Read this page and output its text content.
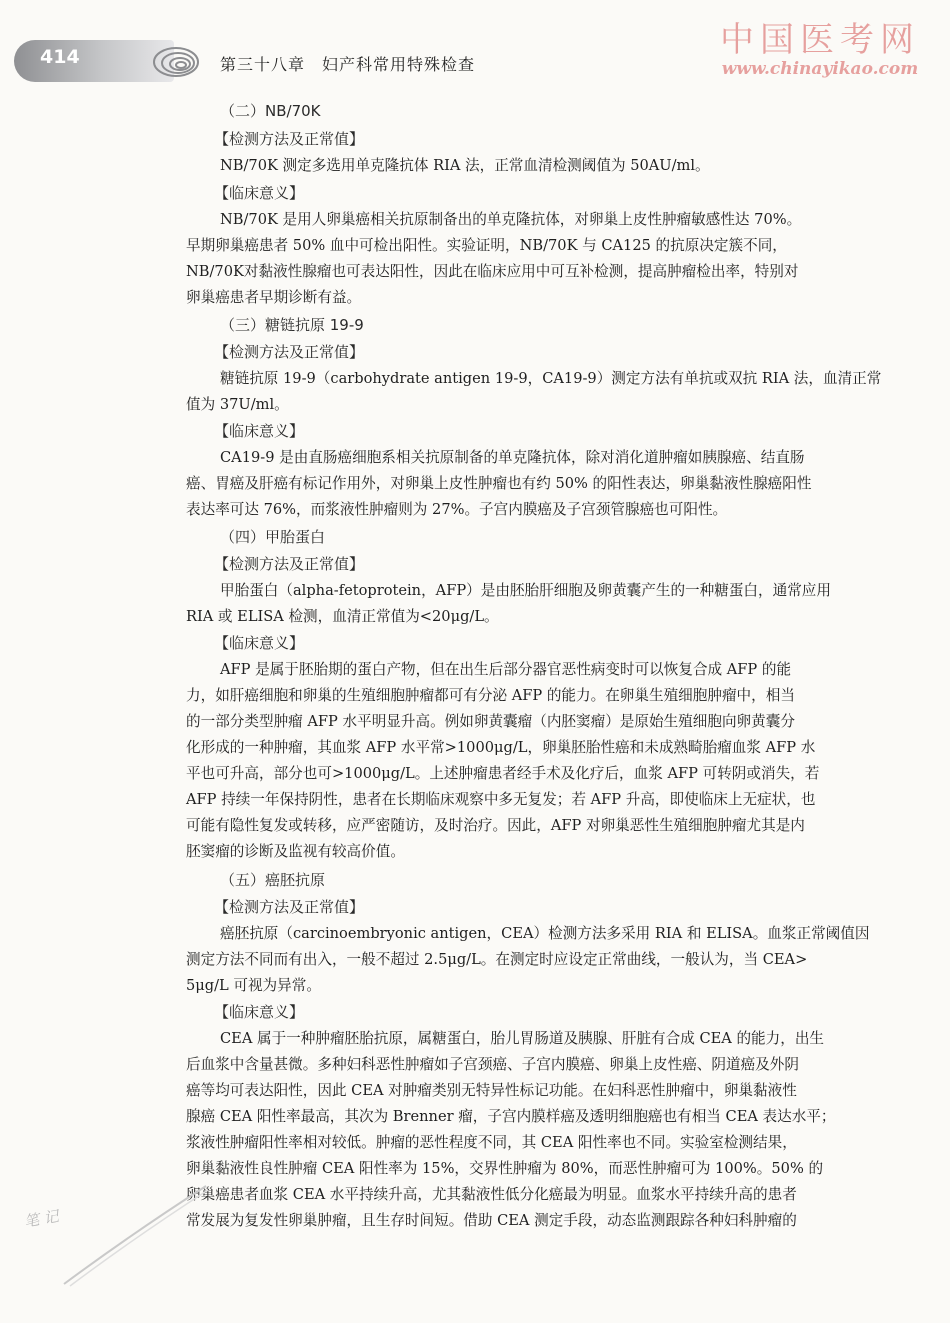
414	第三十八章　妇产科常用特殊检查
中国医考网
www.chinayikao.com
（二）NB/70K
【检测方法及正常值】
NB/70K 测定多选用单克隆抗体 RIA 法，正常血清检测阈值为 50AU/ml。
【临床意义】
NB/70K 是用人卵巢癌相关抗原制备出的单克隆抗体，对卵巢上皮性肿瘤敏感性达 70%。
早期卵巢癌患者 50% 血中可检出阳性。实验证明，NB/70K 与 CA125 的抗原决定簇不同，
NB/70K对黏液性腺瘤也可表达阳性，因此在临床应用中可互补检测，提高肿瘤检出率，特别对
卵巢癌患者早期诊断有益。
（三）糖链抗原 19-9
【检测方法及正常值】
糖链抗原 19-9（carbohydrate antigen 19-9，CA19-9）测定方法有单抗或双抗 RIA 法，血清正常
值为 37U/ml。
【临床意义】
CA19-9 是由直肠癌细胞系相关抗原制备的单克隆抗体，除对消化道肿瘤如胰腺癌、结直肠
癌、胃癌及肝癌有标记作用外，对卵巢上皮性肿瘤也有约 50% 的阳性表达，卵巢黏液性腺癌阳性
表达率可达 76%，而浆液性肿瘤则为 27%。子宫内膜癌及子宫颈管腺癌也可阳性。
（四）甲胎蛋白
【检测方法及正常值】
甲胎蛋白（alpha-fetoprotein，AFP）是由胚胎肝细胞及卵黄囊产生的一种糖蛋白，通常应用
RIA 或 ELISA 检测，血清正常值为<20μg/L。
【临床意义】
AFP 是属于胚胎期的蛋白产物，但在出生后部分器官恶性病变时可以恢复合成 AFP 的能
力，如肝癌细胞和卵巢的生殖细胞肿瘤都可有分泌 AFP 的能力。在卵巢生殖细胞肿瘤中，相当
的一部分类型肿瘤 AFP 水平明显升高。例如卵黄囊瘤（内胚窦瘤）是原始生殖细胞向卵黄囊分
化形成的一种肿瘤，其血浆 AFP 水平常>1000μg/L，卵巢胚胎性癌和未成熟畸胎瘤血浆 AFP 水
平也可升高，部分也可>1000μg/L。上述肿瘤患者经手术及化疗后，血浆 AFP 可转阴或消失，若
AFP 持续一年保持阴性，患者在长期临床观察中多无复发；若 AFP 升高，即使临床上无症状，也
可能有隐性复发或转移，应严密随访，及时治疗。因此，AFP 对卵巢恶性生殖细胞肿瘤尤其是内
胚窦瘤的诊断及监视有较高价值。
（五）癌胚抗原
【检测方法及正常值】
癌胚抗原（carcinoembryonic antigen，CEA）检测方法多采用 RIA 和 ELISA。血浆正常阈值因
测定方法不同而有出入，一般不超过 2.5μg/L。在测定时应设定正常曲线，一般认为，当 CEA>
5μg/L 可视为异常。
【临床意义】
CEA 属于一种肿瘤胚胎抗原，属糖蛋白，胎儿胃肠道及胰腺、肝脏有合成 CEA 的能力，出生
后血浆中含量甚微。多种妇科恶性肿瘤如子宫颈癌、子宫内膜癌、卵巢上皮性癌、阴道癌及外阴
癌等均可表达阳性，因此 CEA 对肿瘤类别无特异性标记功能。在妇科恶性肿瘤中，卵巢黏液性
腺癌 CEA 阳性率最高，其次为 Brenner 瘤，子宫内膜样癌及透明细胞癌也有相当 CEA 表达水平；
浆液性肿瘤阳性率相对较低。肿瘤的恶性程度不同，其 CEA 阳性率也不同。实验室检测结果，
卵巢黏液性良性肿瘤 CEA 阳性率为 15%，交界性肿瘤为 80%，而恶性肿瘤可为 100%。50% 的
卵巢癌患者血浆 CEA 水平持续升高，尤其黏液性低分化癌最为明显。血浆水平持续升高的患者
常发展为复发性卵巢肿瘤，且生存时间短。借助 CEA 测定手段，动态监测跟踪各种妇科肿瘤的
笔 记
